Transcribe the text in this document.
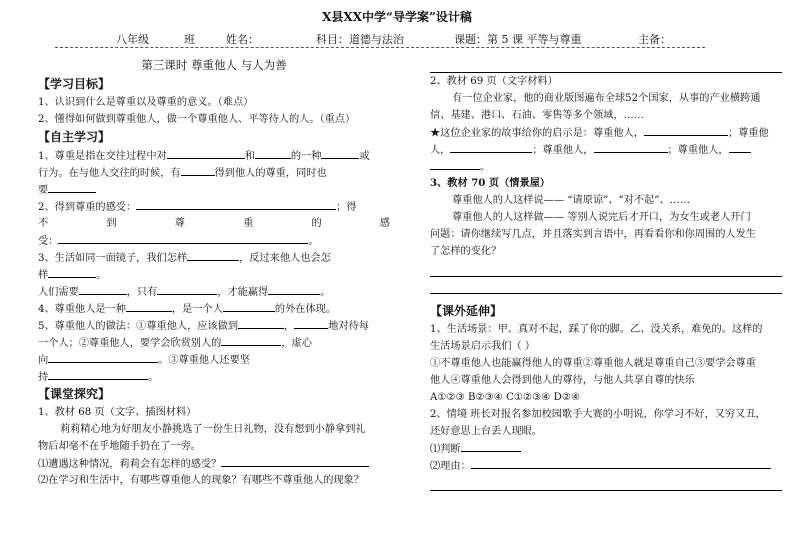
X县XX中学“导学案”设计稿
八年级	班	姓名：	科目：道德与法治	课题：第 5 课 平等与尊重	主备：
第三课时 尊重他人 与人为善
【学习目标】
1、认识到什么是尊重以及尊重的意义。（难点）
2、懂得如何做到尊重他人，做一个尊重他人、平等待人的人。（重点）
【自主学习】
1、尊重是指在交往过程中对	和	的一种	或
行为。在与他人交往的时候，有	得到他人的尊重，同时也
要
2、得到尊重的感受：	；得
不	到	尊	重	的	感
受：	。
3、生活如同一面镜子，我们怎样	，反过来他人也会怎
样	。
人们需要	，只有	，才能赢得	。
4、尊重他人是一种	，是一个人	的外在体现。
5、尊重他人的做法：①尊重他人，应该做到	，	地对待每
一个人；②尊重他人，要学会欣赏别人的	，虚心
向	。③尊重他人还要坚
持	。
【课堂探究】
1、教材 68 页（文字、插图材料）
莉莉精心地为好朋友小静挑选了一份生日礼物，没有想到小静拿到礼
物后却毫不在乎地随手扔在了一旁。
⑴遭遇这种情况，莉莉会有怎样的感受？
⑵在学习和生活中，有哪些尊重他人的现象？有哪些不尊重他人的现象？
2、教材 69 页（文字材料）
有一位企业家，他的商业版图遍布全球52个国家，从事的产业横跨通
信、基建、港口、石油、零售等多个领域，……
★这位企业家的故事给你的启示是：尊重他人，	；尊重他
人，	；尊重他人，	；尊重他人，
。
3、教材 70 页（情景屋）
尊重他人的人这样说—— “请原谅”、“对不起”、……
尊重他人的人这样做—— 等别人说完后才开口，为女生或老人开门
问题：请你继续写几点，并且落实到言语中，再看看你和你周围的人发生
了怎样的变化？
【课外延伸】
1、生活场景：甲、真对不起，踩了你的脚。乙、没关系，难免的。这样的
生活场景启示我们（ ）
①不尊重他人也能赢得他人的尊重②尊重他人就是尊重自己③要学会尊重
他人④尊重他人会得到他人的尊待，与他人共享自尊的快乐
A①②③ B②③④ C①②③④ D②④
2、情境 班长对报名参加校园歌手大赛的小明说，你学习不好，又穷又丑，
还好意思上台丢人现眼。
⑴判断
⑵理由：
